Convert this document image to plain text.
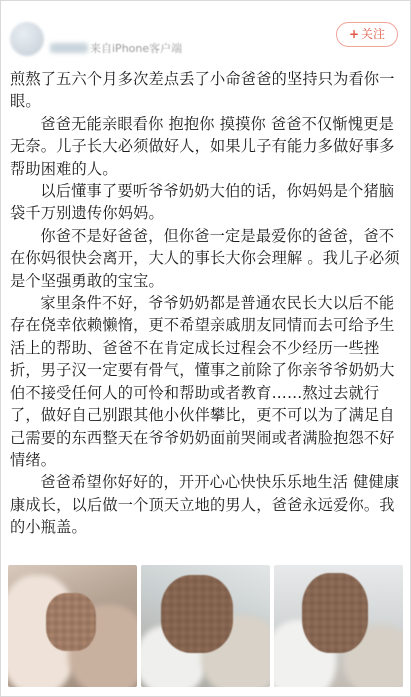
来自iPhone客户端
+ 关注

煎熬了五六个月多次差点丢了小命爸爸的坚持只为看你一眼。

爸爸无能亲眼看你 抱抱你 摸摸你 爸爸不仅惭愧更是无奈。儿子长大必须做好人，如果儿子有能力多做好事多帮助困难的人。

以后懂事了要听爷爷奶奶大伯的话，你妈妈是个猪脑袋千万别遗传你妈妈。

你爸不是好爸爸，但你爸一定是最爱你的爸爸，爸不在你妈很快会离开，大人的事长大你会理解 。我儿子必须是个坚强勇敢的宝宝。

家里条件不好，爷爷奶奶都是普通农民长大以后不能存在侥幸依赖懒惰，更不希望亲戚朋友同情而去可给予生活上的帮助、爸爸不在肯定成长过程会不少经历一些挫折，男子汉一定要有骨气，懂事之前除了你亲爷爷奶奶大伯不接受任何人的可怜和帮助或者教育……熬过去就行了，做好自己别跟其他小伙伴攀比，更不可以为了满足自己需要的东西整天在爷爷奶奶面前哭闹或者满脸抱怨不好情绪。

爸爸希望你好好的，开开心心快快乐乐地生活 健健康康成长，以后做一个顶天立地的男人，爸爸永远爱你。我的小瓶盖。
